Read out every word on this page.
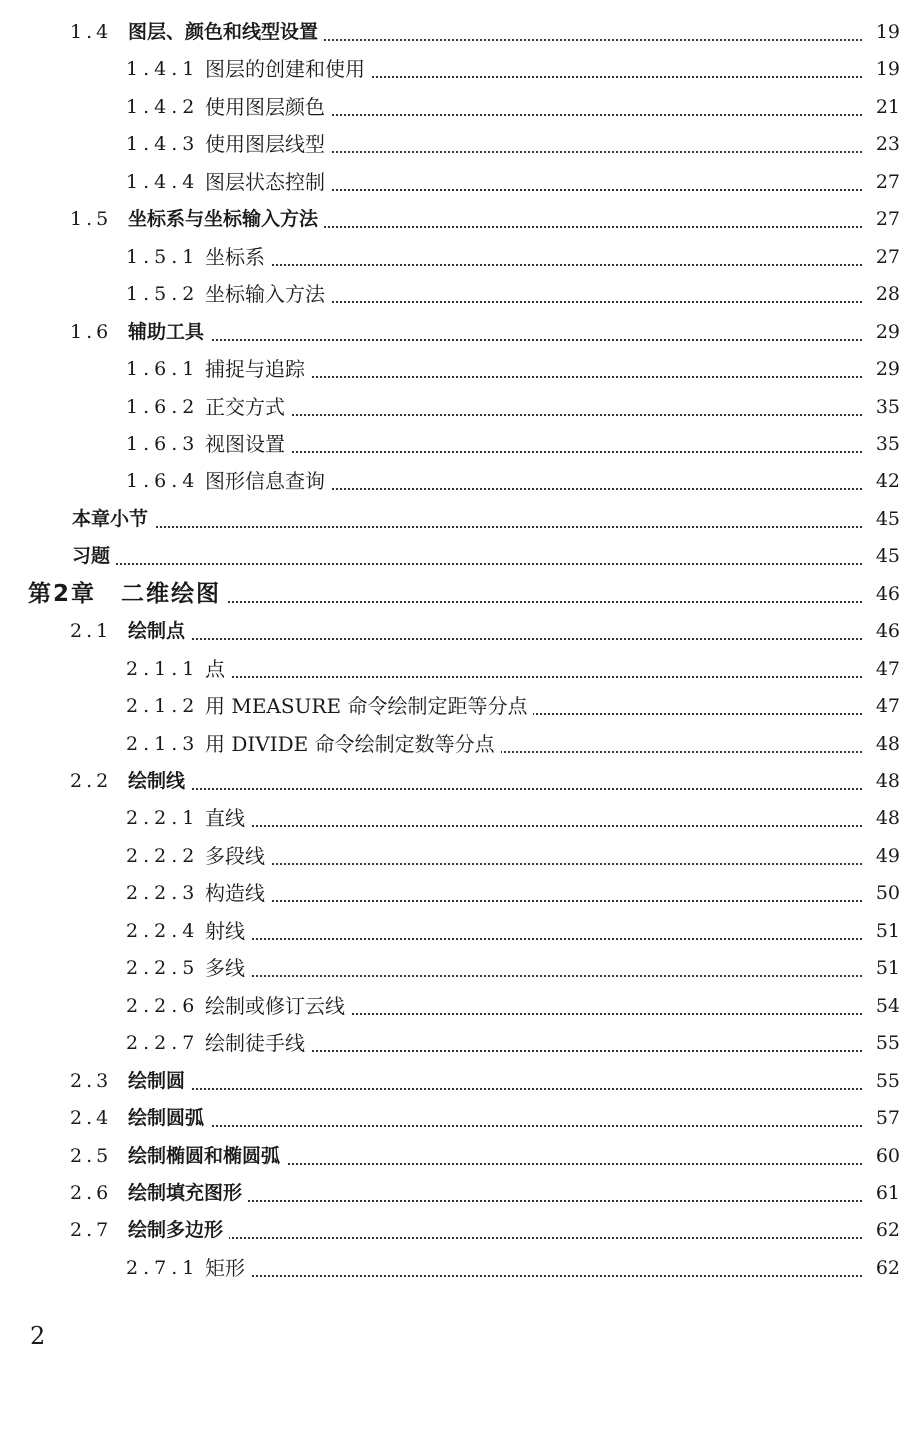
1.4 图层、颜色和线型设置	19
1.4.1 图层的创建和使用	19
1.4.2 使用图层颜色	21
1.4.3 使用图层线型	23
1.4.4 图层状态控制	27
1.5 坐标系与坐标输入方法	27
1.5.1 坐标系	27
1.5.2 坐标输入方法	28
1.6 辅助工具	29
1.6.1 捕捉与追踪	29
1.6.2 正交方式	35
1.6.3 视图设置	35
1.6.4 图形信息查询	42
本章小节	45
习题	45
第2章　二维绘图	46
2.1 绘制点	46
2.1.1 点	47
2.1.2 用 MEASURE 命令绘制定距等分点	47
2.1.3 用 DIVIDE 命令绘制定数等分点	48
2.2 绘制线	48
2.2.1 直线	48
2.2.2 多段线	49
2.2.3 构造线	50
2.2.4 射线	51
2.2.5 多线	51
2.2.6 绘制或修订云线	54
2.2.7 绘制徒手线	55
2.3 绘制圆	55
2.4 绘制圆弧	57
2.5 绘制椭圆和椭圆弧	60
2.6 绘制填充图形	61
2.7 绘制多边形	62
2.7.1 矩形	62
2
